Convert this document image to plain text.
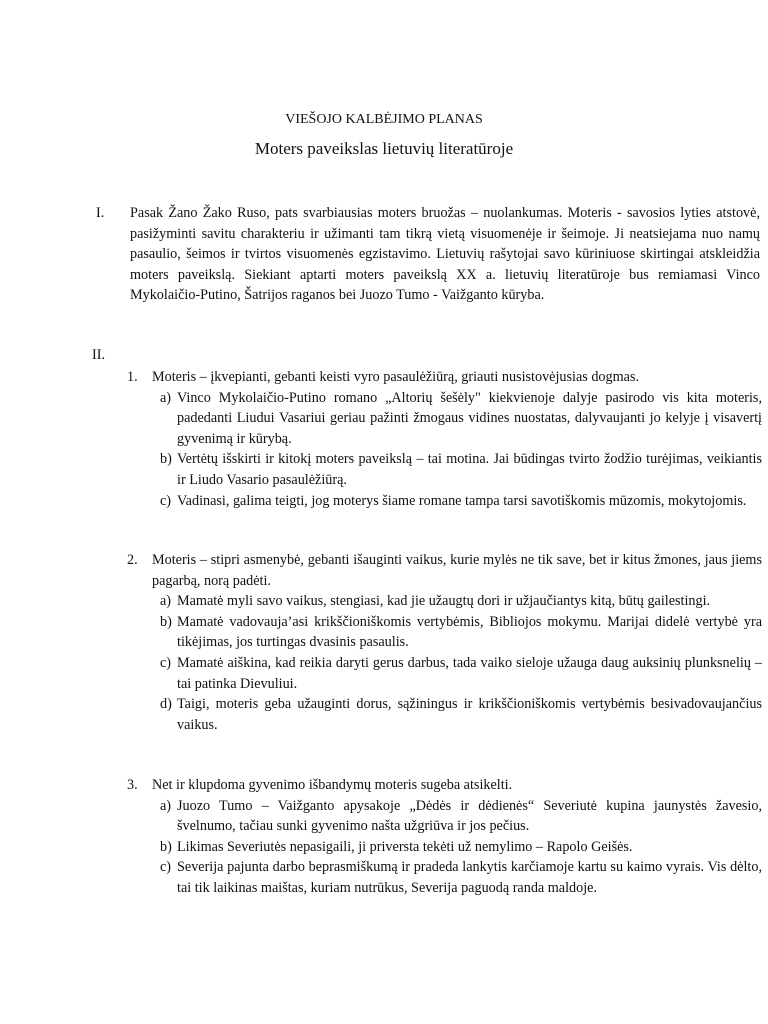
VIEŠOJO KALBĖJIMO PLANAS
Moters paveikslas lietuvių literatūroje
I. Pasak Žano Žako Ruso, pats svarbiausias moters bruožas – nuolankumas. Moteris - savosios lyties atstovė, pasižyminti savitu charakteriu ir užimanti tam tikrą vietą visuomenėje ir šeimoje. Ji neatsiejama nuo namų pasaulio, šeimos ir tvirtos visuomenės egzistavimo. Lietuvių rašytojai savo kūriniuose skirtingai atskleidžia moters paveikslą. Siekiant aptarti moters paveikslą XX a. lietuvių literatūroje bus remiamasi Vinco Mykolaičio-Putino, Šatrijos raganos bei Juozo Tumo - Vaižganto kūryba.
II.
1. Moteris – įkvepianti, gebanti keisti vyro pasaulėžiūrą, griauti nusistovėjusias dogmas.
a) Vinco Mykolaičio-Putino romano „Altorių šešėly" kiekvienoje dalyje pasirodo vis kita moteris, padedanti Liudui Vasariui geriau pažinti žmogaus vidines nuostatas, dalyvaujanti jo kelyje į visavertį gyvenimą ir kūrybą.
b) Vertėtų išskirti ir kitokį moters paveikslą – tai motina. Jai būdingas tvirto žodžio turėjimas, veikiantis ir Liudo Vasario pasaulėžiūrą.
c) Vadinasi, galima teigti, jog moterys šiame romane tampa tarsi savotiškomis mūzomis, mokytojomis.
2. Moteris – stipri asmenybė, gebanti išauginti vaikus, kurie mylės ne tik save, bet ir kitus žmones, jaus jiems pagarbą, norą padėti.
a) Mamatė myli savo vaikus, stengiasi, kad jie užaugtų dori ir užjaučiantys kitą, būtų gailestingi.
b) Mamatė vadovauja’asi krikščioniškomis vertybėmis, Bibliojos mokymu. Marijai didelė vertybė yra tikėjimas, jos turtingas dvasinis pasaulis.
c) Mamatė aiškina, kad reikia daryti gerus darbus, tada vaiko sieloje užauga daug auksinių plunksnelių – tai patinka Dievuliui.
d) Taigi, moteris geba užauginti dorus, sąžiningus ir krikščioniškomis vertybėmis besivadovaujančius vaikus.
3. Net ir klupdoma gyvenimo išbandymų moteris sugeba atsikelti.
a) Juozo Tumo – Vaižganto apysakoje „Dėdės ir dėdienės“ Severiutė kupina jaunystės žavesio, švelnumo, tačiau sunki gyvenimo našta užgriūva ir jos pečius.
b) Likimas Severiutės nepasigaili, ji priversta tekėti už nemylimo – Rapolo Geišės.
c) Severija pajunta darbo beprasmiškumą ir pradeda lankytis karčiamoje kartu su kaimo vyrais. Vis dėlto, tai tik laikinas maištas, kuriam nutrūkus, Severija paguodą randa maldoje.
